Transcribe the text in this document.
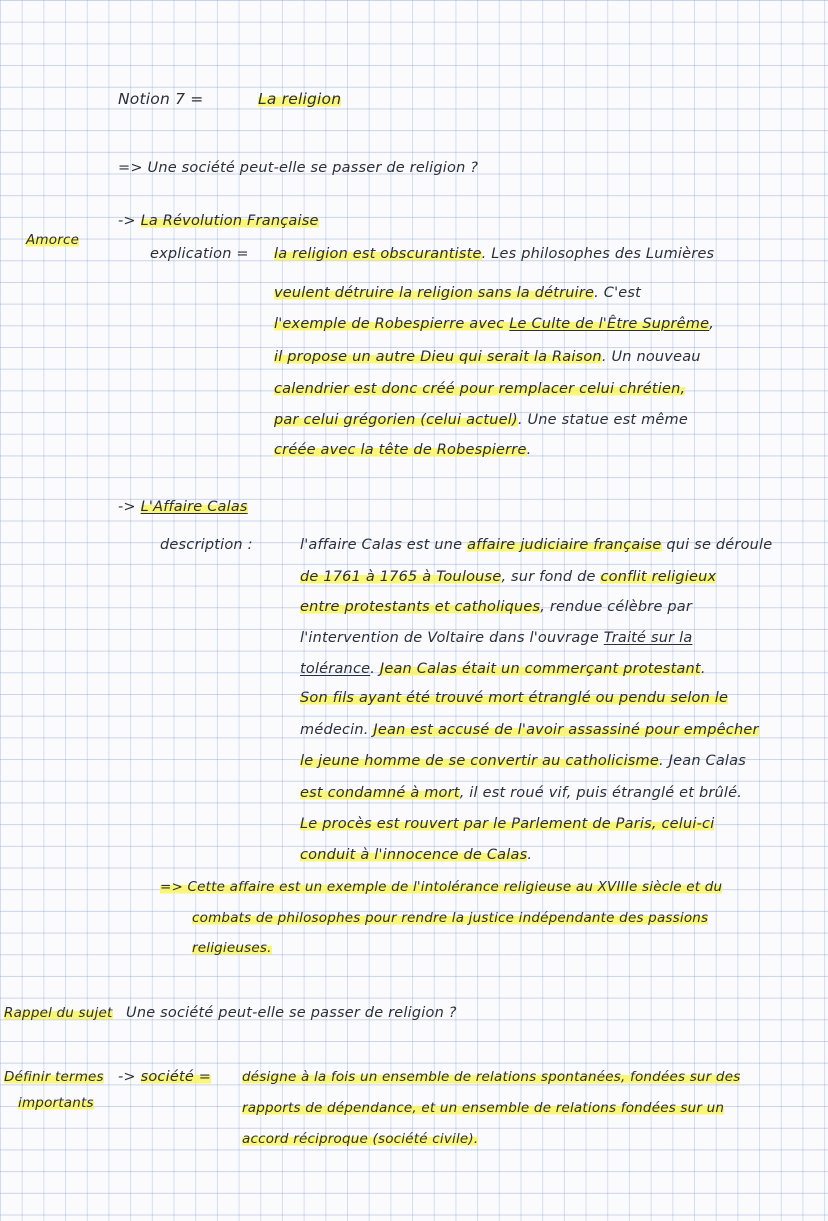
Notion 7 =	La religion
=> Une société peut-elle se passer de religion ?
Amorce
Rappel du sujet
Définir termes
importants
-> La Révolution Française
explication = la religion est obscurantiste. Les philosophes des Lumières
veulent détruire la religion sans la détruire. C'est
l'exemple de Robespierre avec Le Culte de l'Être Suprême,
il propose un autre Dieu qui serait la Raison. Un nouveau
calendrier est donc créé pour remplacer celui chrétien,
par celui grégorien (celui actuel). Une statue est même
créée avec la tête de Robespierre.
-> L'Affaire Calas
description :	l'affaire Calas est une affaire judiciaire française qui se déroule
de 1761 à 1765 à Toulouse, sur fond de conflit religieux
entre protestants et catholiques, rendue célèbre par
l'intervention de Voltaire dans l'ouvrage Traité sur la
tolérance. Jean Calas était un commerçant protestant.
Son fils ayant été trouvé mort étranglé ou pendu selon le
médecin. Jean est accusé de l'avoir assassiné pour empêcher
le jeune homme de se convertir au catholicisme. Jean Calas
est condamné à mort, il est roué vif, puis étranglé et brûlé.
Le procès est rouvert par le Parlement de Paris, celui-ci
conduit à l'innocence de Calas.
=> Cette affaire est un exemple de l'intolérance religieuse au XVIIIe siècle et du
combats de philosophes pour rendre la justice indépendante des passions
religieuses.
Une société peut-elle se passer de religion ?
-> société = désigne à la fois un ensemble de relations spontanées, fondées sur des
rapports de dépendance, et un ensemble de relations fondées sur un
accord réciproque (société civile).
